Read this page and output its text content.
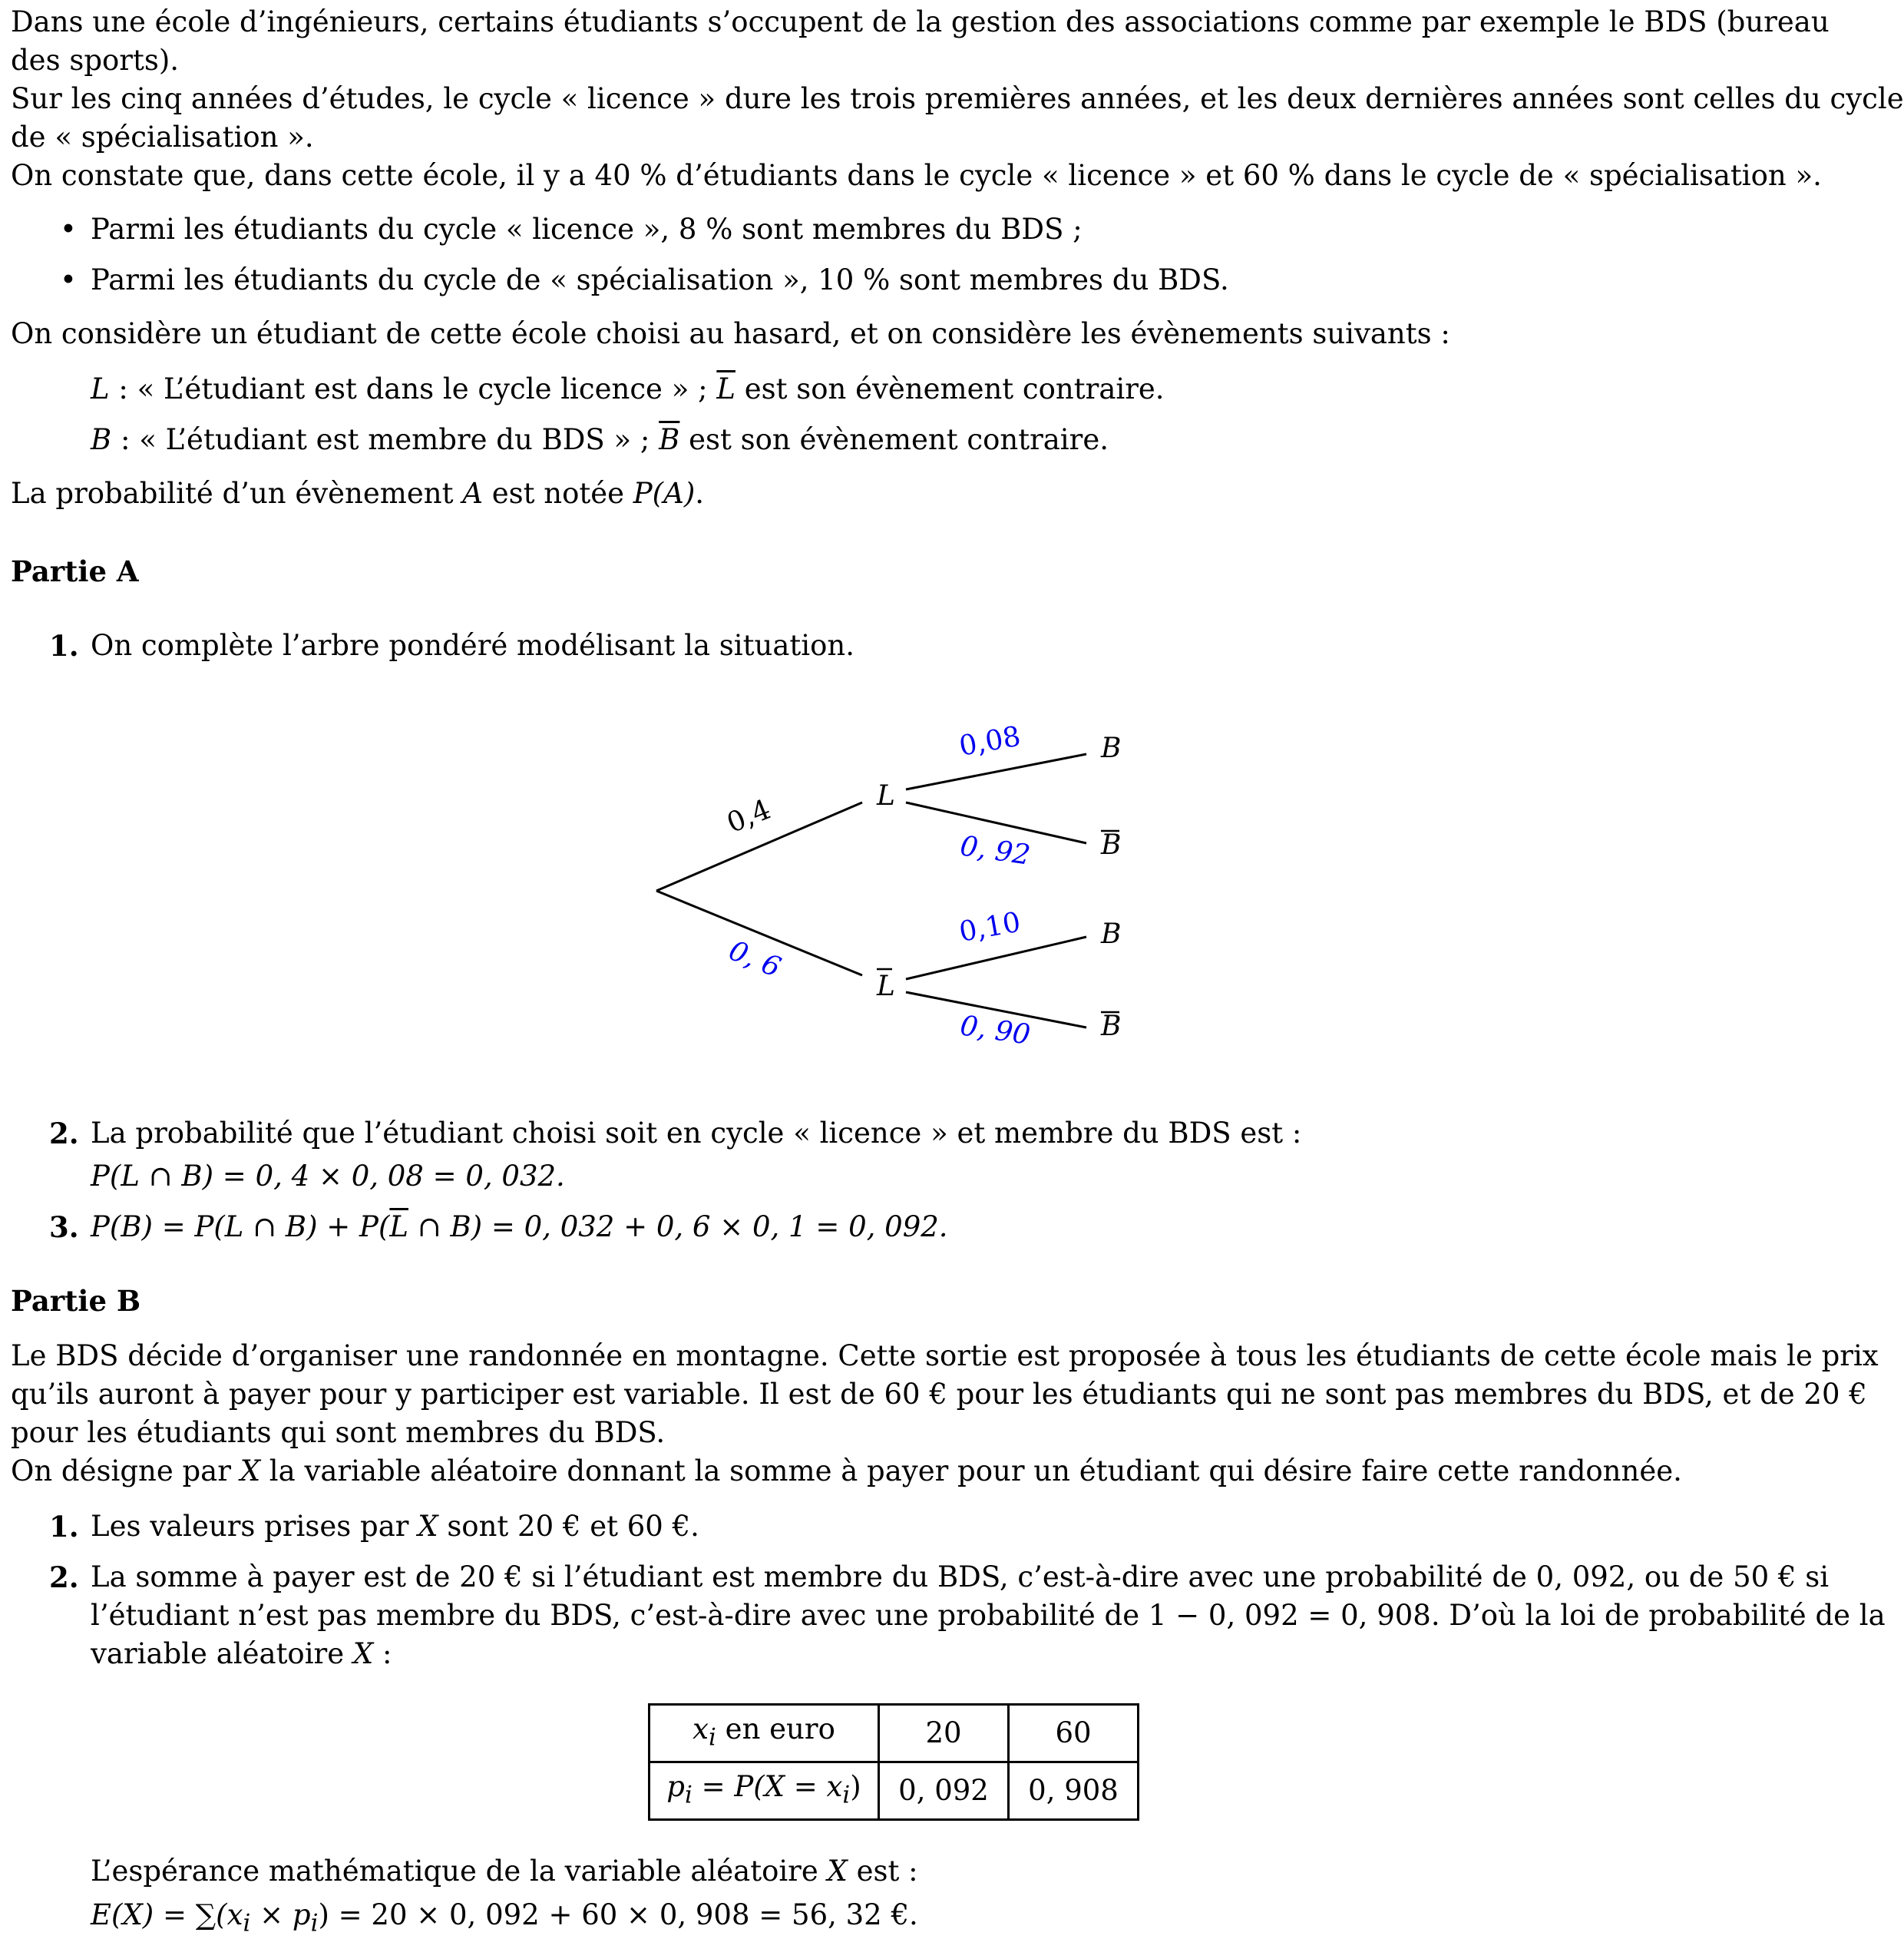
Dans une école d’ingénieurs, certains étudiants s’occupent de la gestion des associations comme par exemple le BDS (bureau
des sports).
Sur les cinq années d’études, le cycle « licence » dure les trois premières années, et les deux dernières années sont celles du cycle
de « spécialisation ».
On constate que, dans cette école, il y a 40 % d’étudiants dans le cycle « licence » et 60 % dans le cycle de « spécialisation ».
• Parmi les étudiants du cycle « licence », 8 % sont membres du BDS ;
• Parmi les étudiants du cycle de « spécialisation », 10 % sont membres du BDS.
On considère un étudiant de cette école choisi au hasard, et on considère les évènements suivants :
L : « L’étudiant est dans le cycle licence » ; $\overline{L}$ est son évènement contraire.
B : « L’étudiant est membre du BDS » ; $\overline{B}$ est son évènement contraire.
La probabilité d’un évènement A est notée P(A).
Partie A
1. On complète l’arbre pondéré modélisant la situation.
0,4
0, 6
0,08
0, 92
0,10
0, 90
L
L
B
B
B
B
2. La probabilité que l’étudiant choisi soit en cycle « licence » et membre du BDS est :
P(L ∩ B) = 0, 4 × 0, 08 = 0, 032.
3. P(B) = P(L ∩ $B) + P(\overline{L}$ ∩ B) = 0, 032 + 0, 6 × 0, 1 = 0, 092.
Partie B
Le BDS décide d’organiser une randonnée en montagne. Cette sortie est proposée à tous les étudiants de cette école mais le prix
qu’ils auront à payer pour y participer est variable. Il est de 60 € pour les étudiants qui ne sont pas membres du BDS, et de 20 €
pour les étudiants qui sont membres du BDS.
On désigne par X la variable aléatoire donnant la somme à payer pour un étudiant qui désire faire cette randonnée.
1. Les valeurs prises par X sont 20 € et 60 €.
2. La somme à payer est de 20 € si l’étudiant est membre du BDS, c’est-à-dire avec une probabilité de 0, 092, ou de 50 € si
l’étudiant n’est pas membre du BDS, c’est-à-dire avec une probabilité de 1 − 0, 092 = 0, 908. D’où la loi de probabilité de la
variable aléatoire X :
$x_i$ en euro	20	60
$p_i = P(X = x_i)$	0, 092	0, 908
L’espérance mathématique de la variable aléatoire X est :
$E(X) = \sum(x_i \times p_i) = 20 \times 0$, 092 + 60 × 0, 908 = 56, 32 €.
